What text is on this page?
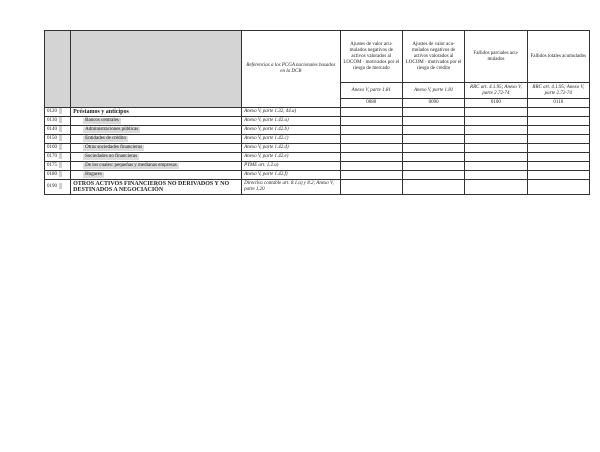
		Referencias a los PCGA nacionales basados en la DCB	Ajustes de valor acumulados negativos de activos valorados al LOCOM · motivados por el riesgo de mercado	Ajustes de valor acumulados negativos de activos valorados al LOCOM · motivados por el riesgo de crédito	Fallidos parciales acumulados	Fallidos totales acumulados
			Anexo V, parte 1.81	Anexo V, parte 1.81	RRC art. 4.1.95; Anexo V, parte 2.72-74	RRC art. 4.1.95; Anexo V, parte 2.72-74
			0080	0090	0100	0110
0120	Préstamos y anticipos	Anexo V, parte 1.32, 44.a)				
0130	Bancos centrales	Anexo V, parte 1.42.a)				
0140	Administraciones públicas	Anexo V, parte 1.42.b)				
0150	Entidades de crédito	Anexo V, parte 1.42.c)				
0160	Otras sociedades financieras	Anexo V, parte 1.42.d)				
0170	Sociedades no financieras	Anexo V, parte 1.42.e)				
0175	De los cuales: pequeñas y medianas empresas	PYME art. 1.2.a)				
0180	Hogares	Anexo V, parte 1.42.f)				
0190	OTROS ACTIVOS FINANCIEROS NO DERIVADOS Y NO DESTINADOS A NEGOCIACIÓN	Directiva contable art. 8.1.a) y 8.2; Anexo V, parte 1.20				
